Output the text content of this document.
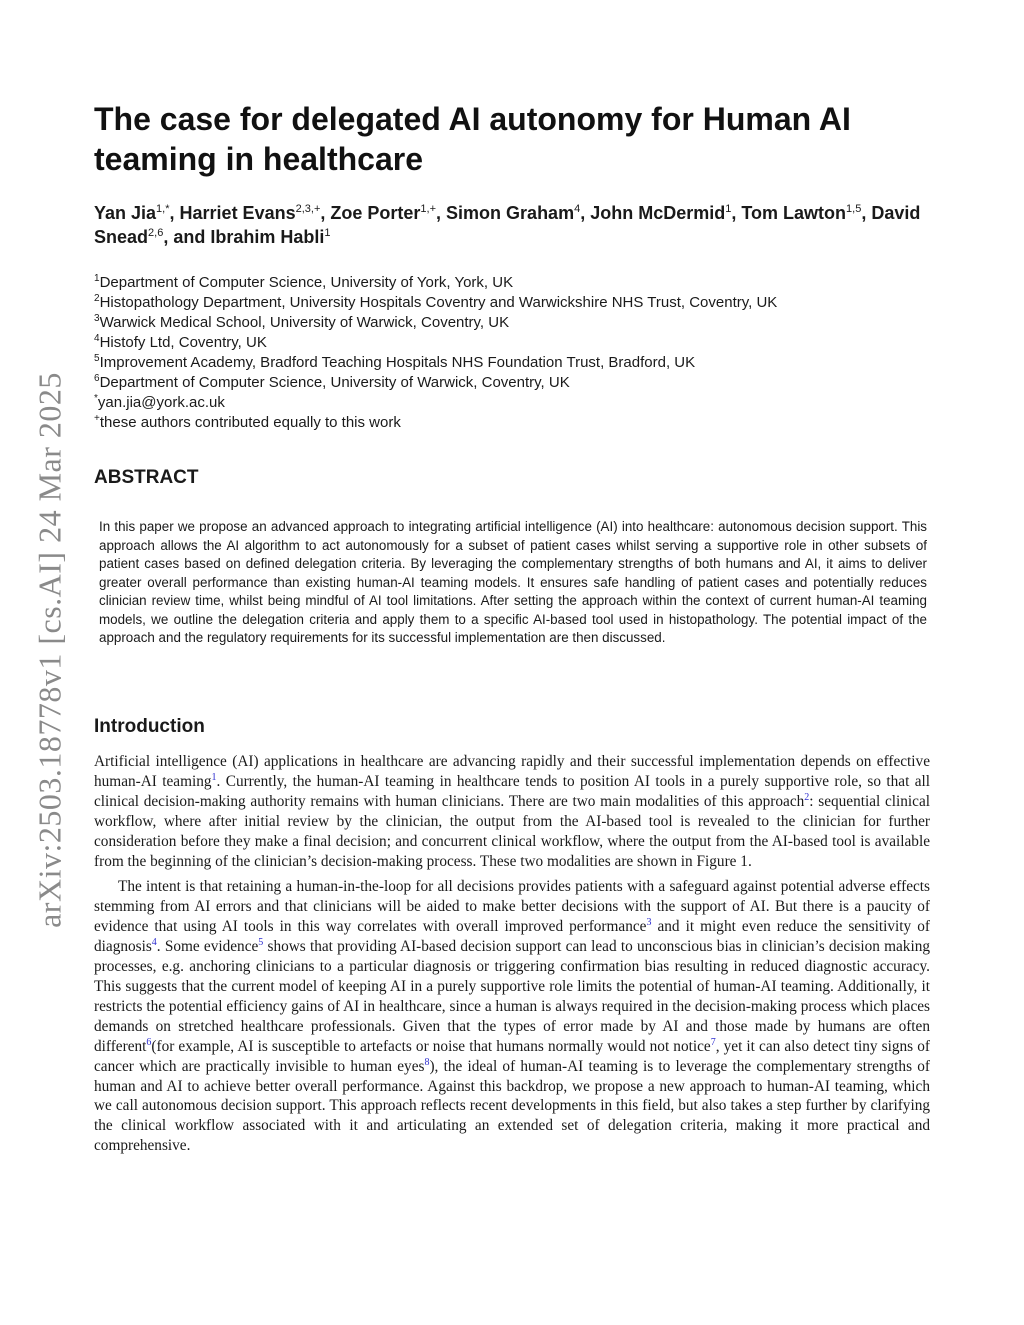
arXiv:2503.18778v1 [cs.AI] 24 Mar 2025
The case for delegated AI autonomy for Human AI teaming in healthcare

Yan Jia$^{1,*}$, Harriet Evans$^{2,3,+}$, Zoe Porter$^{1,+}$, Simon Graham$^4$, John McDermid$^1$, Tom Lawton$^{1,5}$, David Snead$^{2,6}$, and Ibrahim Habli$^1$

$^1$Department of Computer Science, University of York, York, UK
$^2$Histopathology Department, University Hospitals Coventry and Warwickshire NHS Trust, Coventry, UK
$^3$Warwick Medical School, University of Warwick, Coventry, UK
$^4$Histofy Ltd, Coventry, UK
$^5$Improvement Academy, Bradford Teaching Hospitals NHS Foundation Trust, Bradford, UK
$^6$Department of Computer Science, University of Warwick, Coventry, UK
*yan.jia@york.ac.uk
+these authors contributed equally to this work
ABSTRACT

In this paper we propose an advanced approach to integrating artificial intelligence (AI) into healthcare: autonomous decision support. This approach allows the AI algorithm to act autonomously for a subset of patient cases whilst serving a supportive role in other subsets of patient cases based on defined delegation criteria. By leveraging the complementary strengths of both humans and AI, it aims to deliver greater overall performance than existing human-AI teaming models. It ensures safe handling of patient cases and potentially reduces clinician review time, whilst being mindful of AI tool limitations. After setting the approach within the context of current human-AI teaming models, we outline the delegation criteria and apply them to a specific AI-based tool used in histopathology. The potential impact of the approach and the regulatory requirements for its successful implementation are then discussed.

Introduction

Artificial intelligence (AI) applications in healthcare are advancing rapidly and their successful implementation depends on effective human-AI teaming$^1$. Currently, the human-AI teaming in healthcare tends to position AI tools in a purely supportive role, so that all clinical decision-making authority remains with human clinicians. There are two main modalities of this approach$^2$: sequential clinical workflow, where after initial review by the clinician, the output from the AI-based tool is revealed to the clinician for further consideration before they make a final decision; and concurrent clinical workflow, where the output from the AI-based tool is available from the beginning of the clinician’s decision-making process. These two modalities are shown in Figure 1.

The intent is that retaining a human-in-the-loop for all decisions provides patients with a safeguard against potential adverse effects stemming from AI errors and that clinicians will be aided to make better decisions with the support of AI. But there is a paucity of evidence that using AI tools in this way correlates with overall improved performance$^3$ and it might even reduce the sensitivity of diagnosis$^4$. Some evidence$^5$ shows that providing AI-based decision support can lead to unconscious bias in clinician’s decision making processes, e.g. anchoring clinicians to a particular diagnosis or triggering confirmation bias resulting in reduced diagnostic accuracy. This suggests that the current model of keeping AI in a purely supportive role limits the potential of human-AI teaming. Additionally, it restricts the potential efficiency gains of AI in healthcare, since a human is always required in the decision-making process which places demands on stretched healthcare professionals. Given that the types of error made by AI and those made by humans are often different$^6$(for example, AI is susceptible to artefacts or noise that humans normally would not notice$^7$, yet it can also detect tiny signs of cancer which are practically invisible to human eyes$^8$), the ideal of human-AI teaming is to leverage the complementary strengths of human and AI to achieve better overall performance. Against this backdrop, we propose a new approach to human-AI teaming, which we call autonomous decision support. This approach reflects recent developments in this field, but also takes a step further by clarifying the clinical workflow associated with it and articulating an extended set of delegation criteria, making it more practical and comprehensive.
